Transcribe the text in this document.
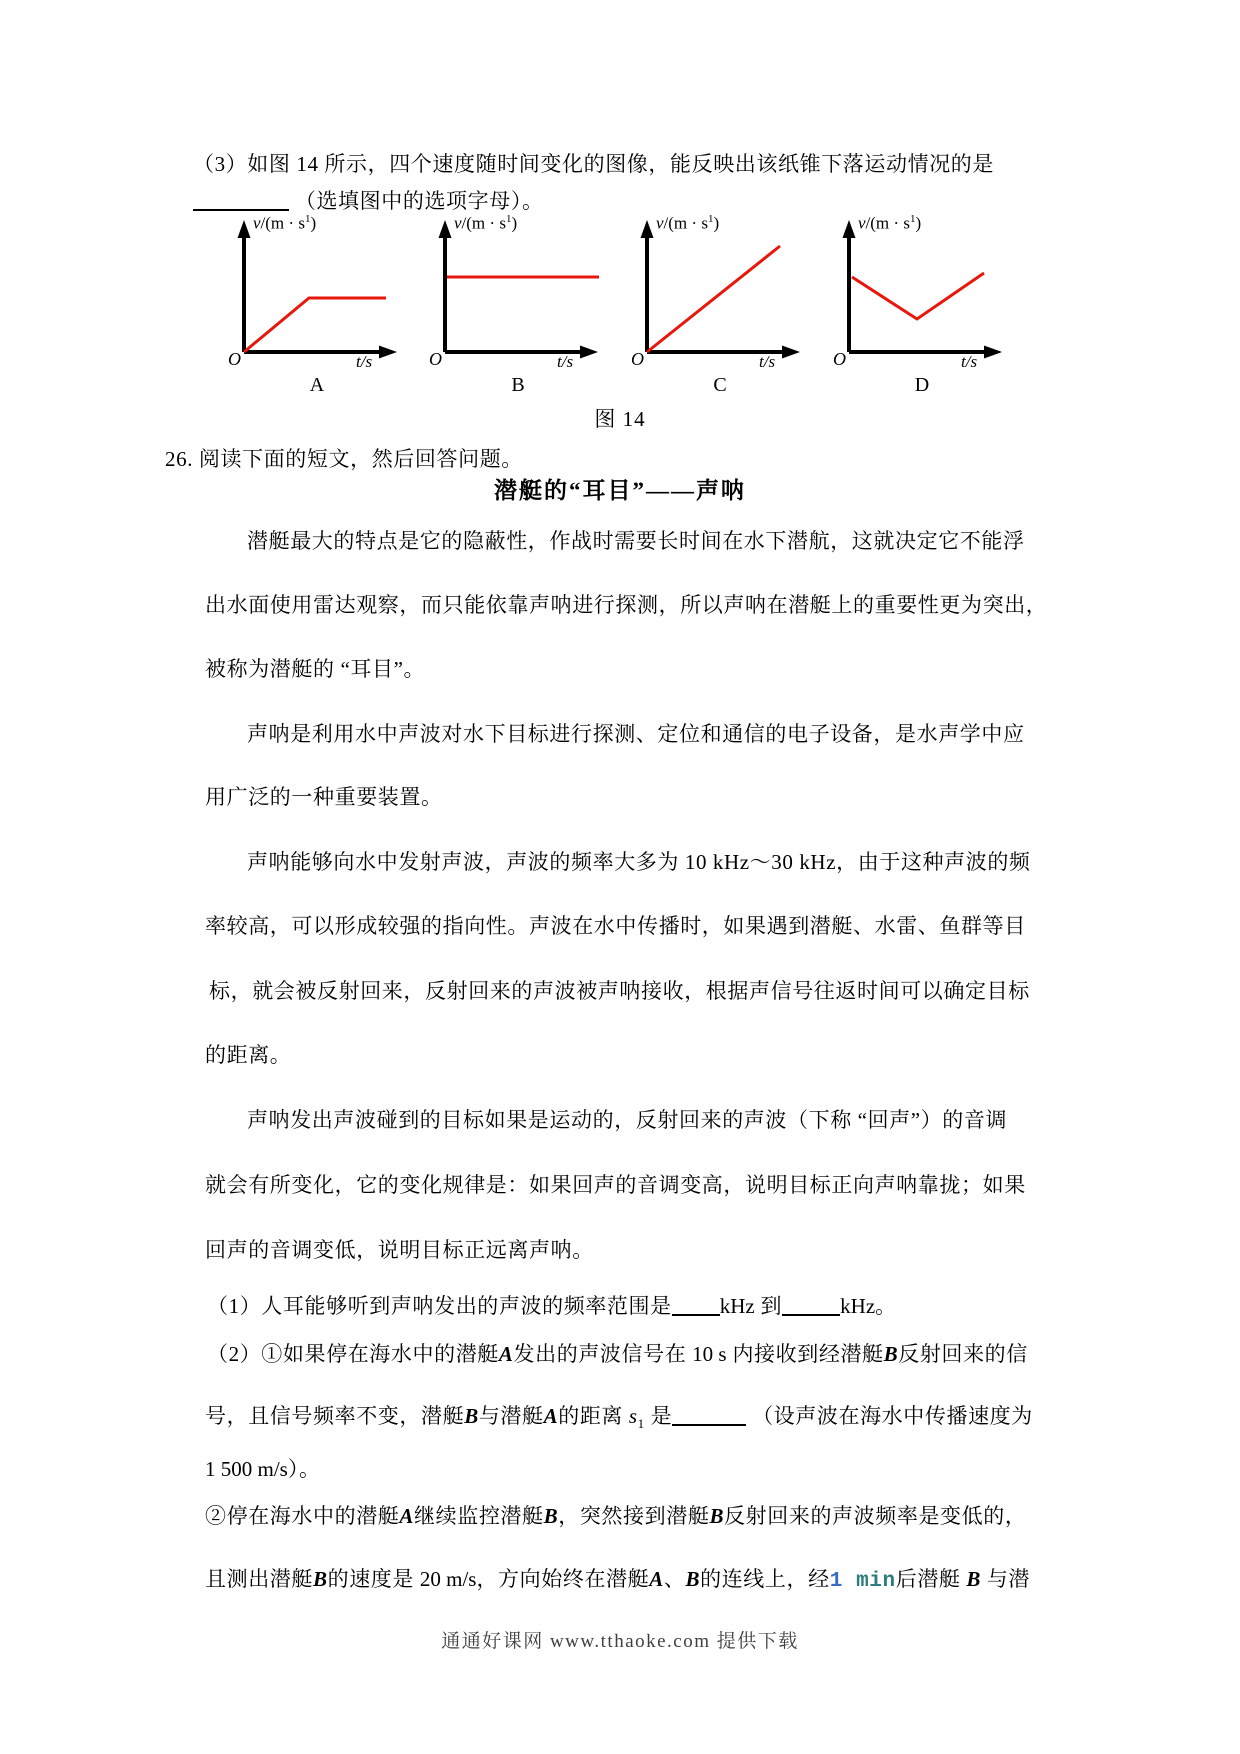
（3）如图 14 所示，四个速度随时间变化的图像，能反映出该纸锥下落运动情况的是
（选填图中的选项字母）。
$v/(m \cdot s^1)$
O	t/s
A
$v/(m \cdot s^1)$
O	t/s
B
$v/(m \cdot s^1)$
O	t/s
C
$v/(m \cdot s^1)$
O	t/s
D
图 14
26. 阅读下面的短文，然后回答问题。
潜艇的“耳目”——声呐
潜艇最大的特点是它的隐蔽性，作战时需要长时间在水下潜航，这就决定它不能浮
出水面使用雷达观察，而只能依靠声呐进行探测，所以声呐在潜艇上的重要性更为突出，
被称为潜艇的 “耳目”。
声呐是利用水中声波对水下目标进行探测、定位和通信的电子设备，是水声学中应
用广泛的一种重要装置。
声呐能够向水中发射声波，声波的频率大多为 10 kHz～30 kHz，由于这种声波的频
率较高，可以形成较强的指向性。声波在水中传播时，如果遇到潜艇、水雷、鱼群等目
标，就会被反射回来，反射回来的声波被声呐接收，根据声信号往返时间可以确定目标
的距离。
声呐发出声波碰到的目标如果是运动的，反射回来的声波（下称 “回声”）的音调
就会有所变化，它的变化规律是：如果回声的音调变高，说明目标正向声呐靠拢；如果
回声的音调变低，说明目标正远离声呐。
（1）人耳能够听到声呐发出的声波的频率范围是 kHz 到	kHz。
（2）①如果停在海水中的潜艇A发出的声波信号在 10 s 内接收到经潜艇B反射回来的信
号，且信号频率不变，潜艇B与潜艇A的距离 $s_1$ 是	（设声波在海水中传播速度为
1 500 m/s）。
②停在海水中的潜艇A继续监控潜艇B，突然接到潜艇B反射回来的声波频率是变低的，
且测出潜艇B的速度是 20 m/s，方向始终在潜艇A、B的连线上，经1 min后潜艇 B 与潜
通通好课网 www.tthaoke.com 提供下载
